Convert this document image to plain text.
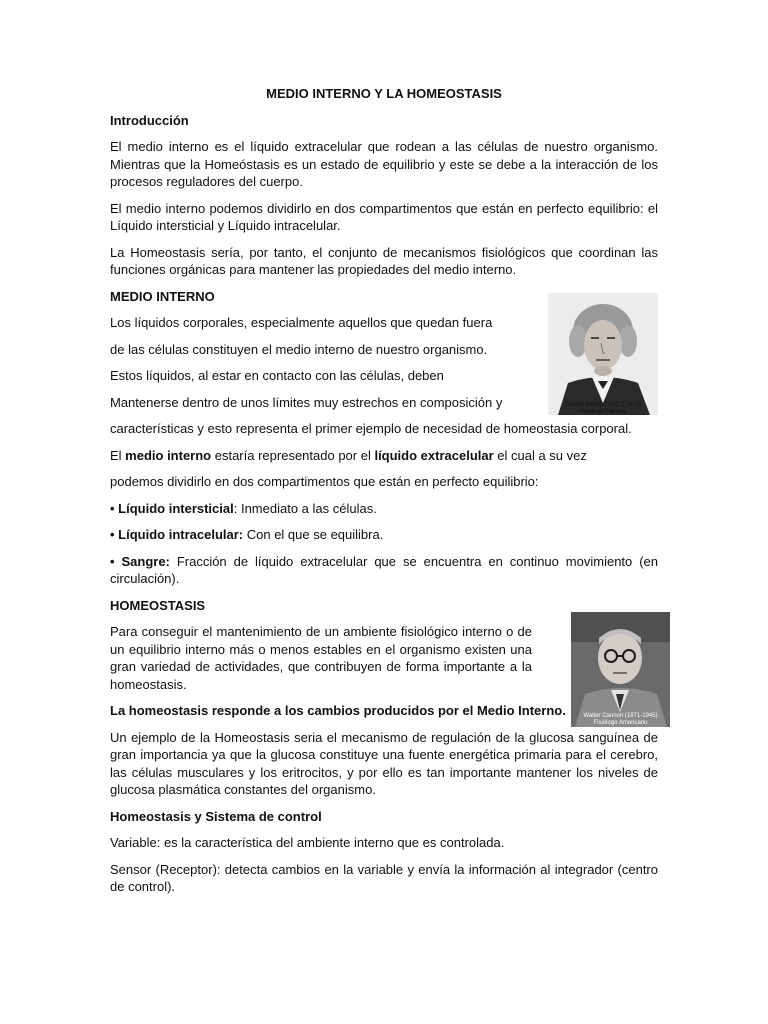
MEDIO INTERNO Y LA HOMEOSTASIS

Introducción

El medio interno es el líquido extracelular que rodean a las células de nuestro organismo. Mientras que la Homeóstasis es un estado de equilibrio y este se debe a la interacción de los procesos reguladores del cuerpo.

El medio interno podemos dividirlo en dos compartimentos que están en perfecto equilibrio: el Líquido intersticial y Líquido intracelular.

La Homeostasis sería, por tanto, el conjunto de mecanismos fisiológicos que coordinan las funciones orgánicas para mantener las propiedades del medio interno.

MEDIO INTERNO

Los líquidos corporales, especialmente aquellos que quedan fuera

de las células constituyen el medio interno de nuestro organismo.

Estos líquidos, al estar en contacto con las células, deben

Mantenerse dentro de unos límites muy estrechos en composición y

características y esto representa el primer ejemplo de necesidad de homeostasia corporal.

El medio interno estaría representado por el líquido extracelular el cual a su vez

podemos dividirlo en dos compartimentos que están en perfecto equilibrio:

• Líquido intersticial: Inmediato a las células.

• Líquido intracelular: Con el que se equilibra.

• Sangre: Fracción de líquido extracelular que se encuentra en continuo movimiento (en circulación).

HOMEOSTASIS

Para conseguir el mantenimiento de un ambiente fisiológico interno o de un equilibrio interno más o menos estables en el organismo existen una gran variedad de actividades, que contribuyen de forma importante a la homeostasis.

La homeostasis responde a los cambios producidos por el Medio Interno.

Un ejemplo de la Homeostasis seria el mecanismo de regulación de la glucosa sanguínea de gran importancia ya que la glucosa constituye una fuente energética primaria para el cerebro, las células musculares y los eritrocitos, y por ello es tan importante mantener los niveles de glucosa plasmática constantes del organismo.

Homeostasis y Sistema de control

Variable: es la característica del ambiente interno que es controlada.

Sensor (Receptor): detecta cambios en la variable y envía la información al integrador (centro de control).

Claude Bernard (1813-1878)
Fisiólogo Francés
Walter Cannon (1871-1945)
Fisiólogo Americano
